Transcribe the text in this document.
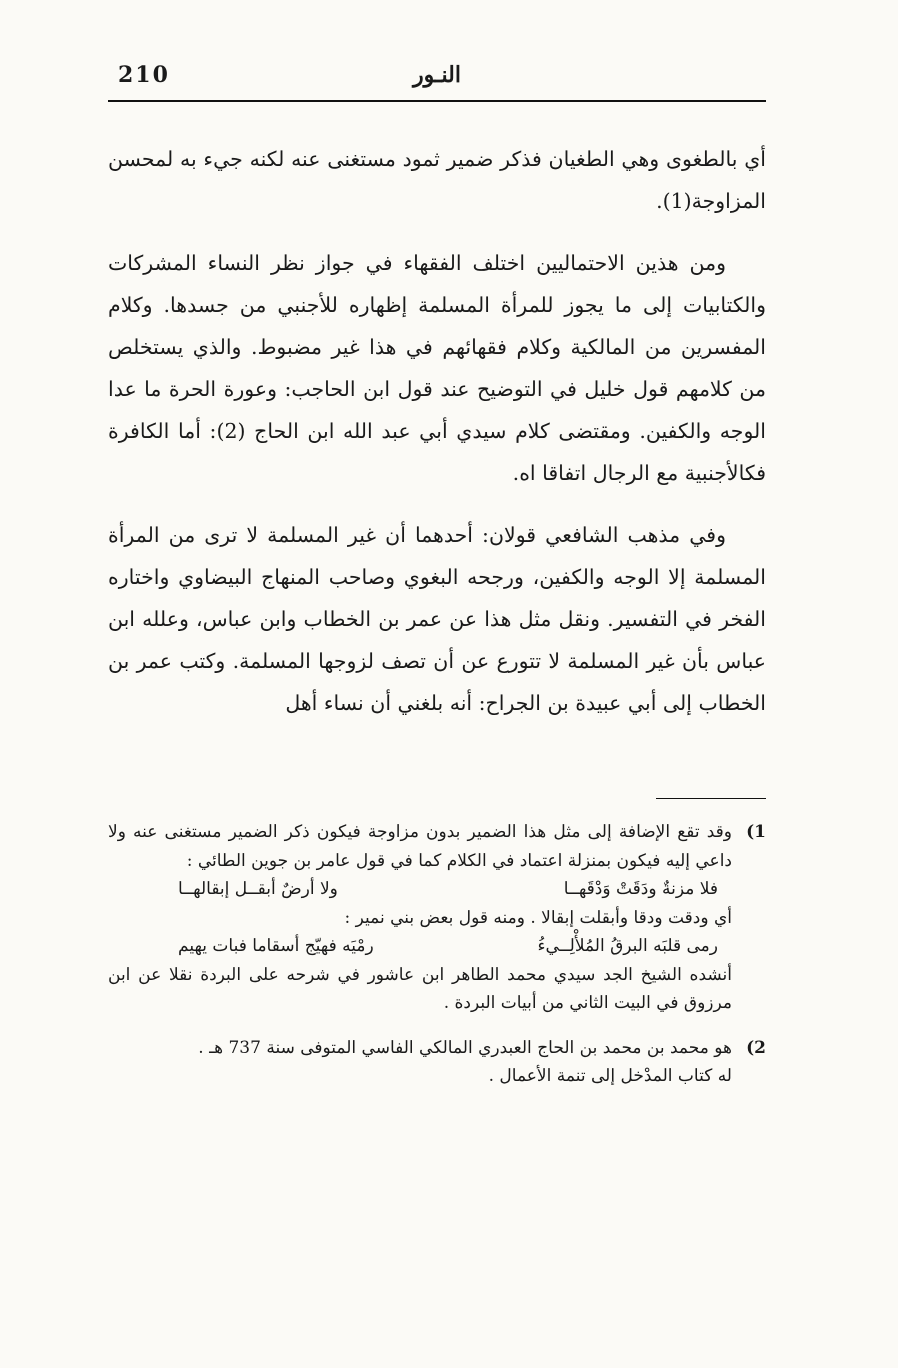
210	النـور

أي بالطغوى وهي الطغيان فذكر ضمير ثمود مستغنى عنه لكنه جيء به لمحسن المزاوجة(1).

ومن هذين الاحتماليين اختلف الفقهاء في جواز نظر النساء المشركات والكتابيات إلى ما يجوز للمرأة المسلمة إظهاره للأجنبي من جسدها. وكلام المفسرين من المالكية وكلام فقهائهم في هذا غير مضبوط. والذي يستخلص من كلامهم قول خليل في التوضيح عند قول ابن الحاجب: وعورة الحرة ما عدا الوجه والكفين. ومقتضى كلام سيدي أبي عبد الله ابن الحاج (2): أما الكافرة فكالأجنبية مع الرجال اتفاقا اه.

وفي مذهب الشافعي قولان: أحدهما أن غير المسلمة لا ترى من المرأة المسلمة إلا الوجه والكفين، ورجحه البغوي وصاحب المنهاج البيضاوي واختاره الفخر في التفسير. ونقل مثل هذا عن عمر بن الخطاب وابن عباس، وعلله ابن عباس بأن غير المسلمة لا تتورع عن أن تصف لزوجها المسلمة. وكتب عمر بن الخطاب إلى أبي عبيدة بن الجراح: أنه بلغني أن نساء أهل

1)
وقد تقع الإضافة إلى مثل هذا الضمير بدون مزاوجة فيكون ذكر الضمير مستغنى عنه ولا داعي إليه فيكون بمنزلة اعتماد في الكلام كما في قول عامر بن جوين الطائي :
فلا مزنةٌ ودَقَتْ وَدْقَهــا
ولا أرضٌ أبقــل إبقالهــا
أي ودقت ودقا وأبقلت إبقالا . ومنه قول بعض بني نمير :
رمى قلبَه البرقُ المُلأْلِــيءُ
رمْيَه فهيّج أسقاما فبات يهيم
أنشده الشيخ الجد سيدي محمد الطاهر ابن عاشور في شرحه على البردة نقلا عن ابن مرزوق في البيت الثاني من أبيات البردة .
2)
هو محمد بن محمد بن الحاج العبدري المالكي الفاسي المتوفى سنة 737 هـ .
له كتاب المدْخل إلى تنمة الأعمال .
